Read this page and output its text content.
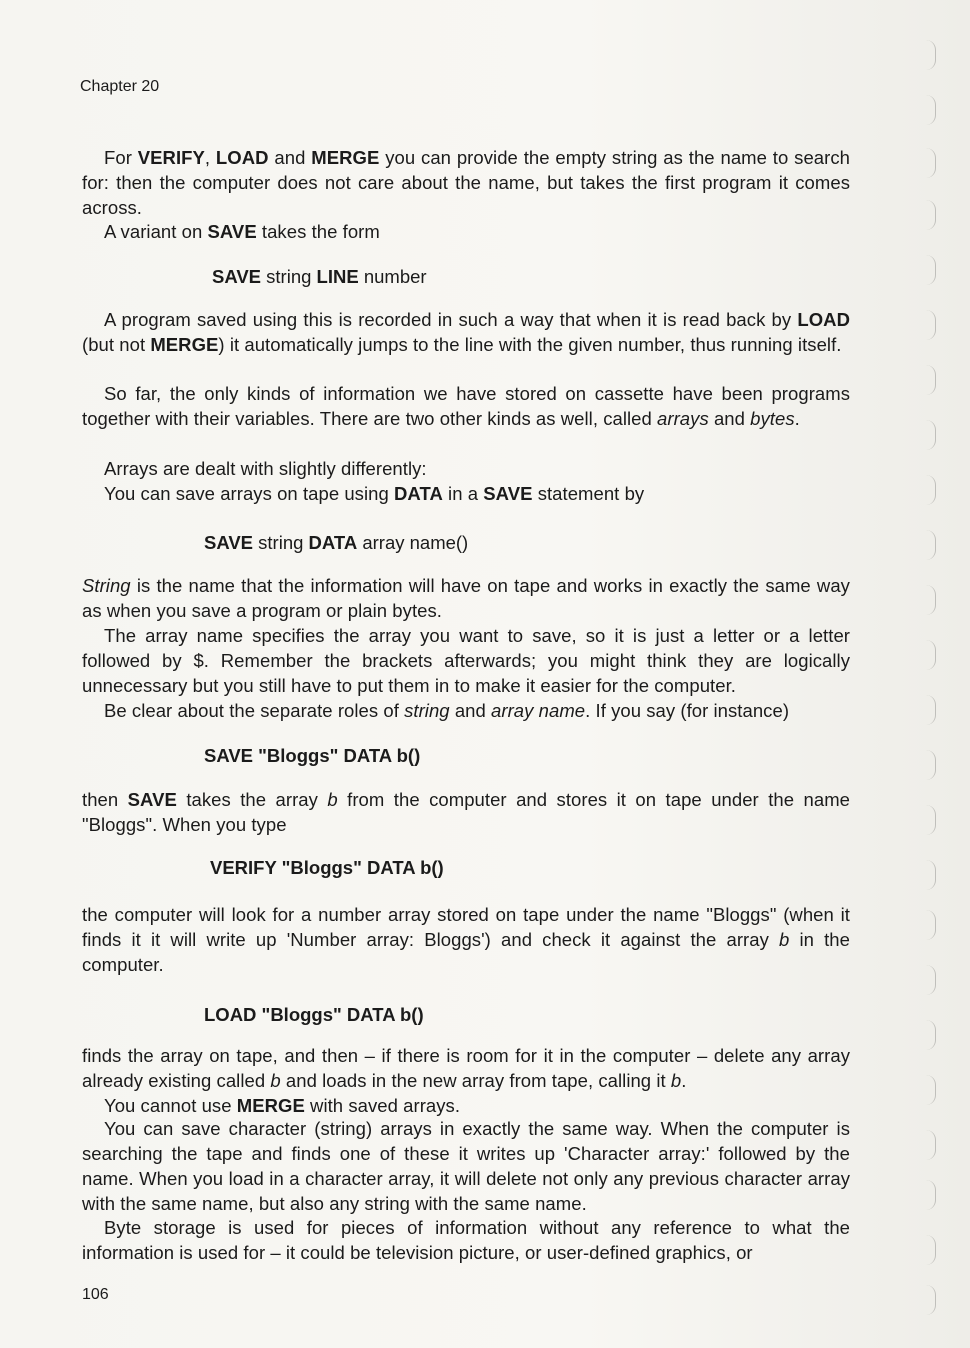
Chapter 20

For VERIFY, LOAD and MERGE you can provide the empty string as the name to search for: then the computer does not care about the name, but takes the first program it comes across.

A variant on SAVE takes the form

SAVE string LINE number

A program saved using this is recorded in such a way that when it is read back by LOAD (but not MERGE) it automatically jumps to the line with the given number, thus running itself.

So far, the only kinds of information we have stored on cassette have been programs together with their variables. There are two other kinds as well, called arrays and bytes.

Arrays are dealt with slightly differently:

You can save arrays on tape using DATA in a SAVE statement by

SAVE string DATA array name()

String is the name that the information will have on tape and works in exactly the same way as when you save a program or plain bytes.

The array name specifies the array you want to save, so it is just a letter or a letter followed by $. Remember the brackets afterwards; you might think they are logically unnecessary but you still have to put them in to make it easier for the computer.

Be clear about the separate roles of string and array name. If you say (for instance)

SAVE "Bloggs" DATA b()

then SAVE takes the array b from the computer and stores it on tape under the name "Bloggs". When you type

VERIFY "Bloggs" DATA b()

the computer will look for a number array stored on tape under the name "Bloggs" (when it finds it it will write up 'Number array: Bloggs') and check it against the array b in the computer.

LOAD "Bloggs" DATA b()

finds the array on tape, and then – if there is room for it in the computer – delete any array already existing called b and loads in the new array from tape, calling it b.

You cannot use MERGE with saved arrays.

You can save character (string) arrays in exactly the same way. When the computer is searching the tape and finds one of these it writes up 'Character array:' followed by the name. When you load in a character array, it will delete not only any previous character array with the same name, but also any string with the same name.

Byte storage is used for pieces of information without any reference to what the information is used for – it could be television picture, or user-defined graphics, or

106
